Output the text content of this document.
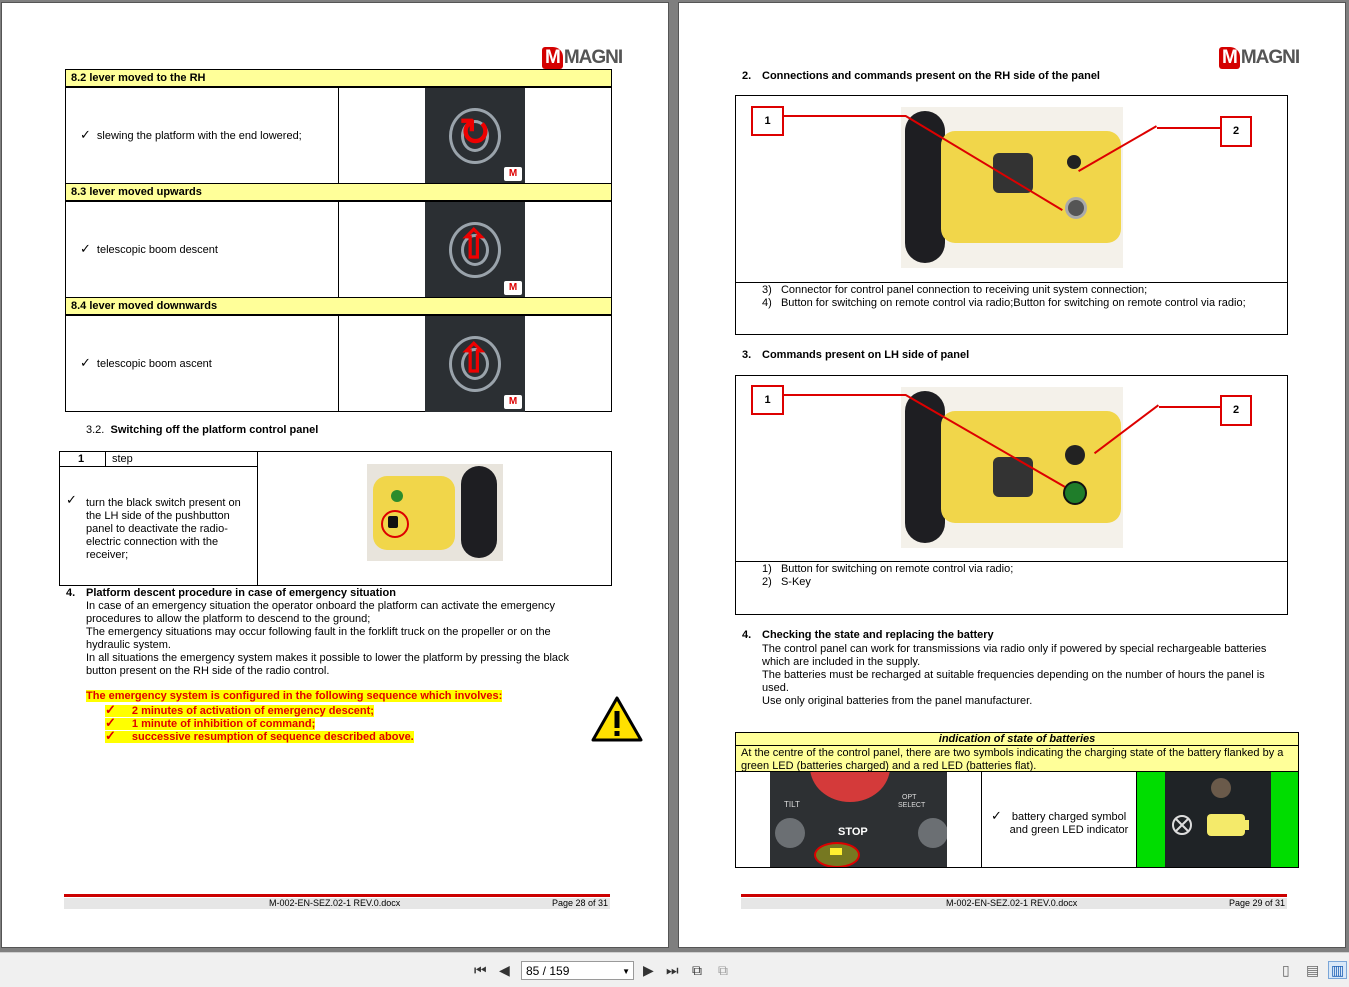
M MAGNI
8.2 lever moved to the RH
✓ slewing the platform with the end lowered;	↻
M
8.3 lever moved upwards
✓ telescopic boom descent	⇧
M
8.4 lever moved downwards
✓ telescopic boom ascent	⇧
M
3.2. Switching off the platform control panel
1	step
✓ turn the black switch present on the LH side of the pushbutton panel to deactivate the radio-electric connection with the receiver;
4. Platform descent procedure in case of emergency situation
In case of an emergency situation the operator onboard the platform can activate the emergency procedures to allow the platform to descend to the ground;
The emergency situations may occur following fault in the forklift truck on the propeller or on the hydraulic system.
In all situations the emergency system makes it possible to lower the platform by pressing the black button present on the RH side of the radio control.
The emergency system is configured in the following sequence which involves:
✓ 2 minutes of activation of emergency descent;
✓ 1 minute of inhibition of command;
✓ successive resumption of sequence described above.
M-002-EN-SEZ.02-1 REV.0.docx	Page 28 of 31
M MAGNI
2. Connections and commands present on the RH side of the panel
1
2
3) Connector for control panel connection to receiving unit system connection;
4) Button for switching on remote control via radio;Button for switching on remote control via radio;
3. Commands present on LH side of panel
1
2
1) Button for switching on remote control via radio;
2) S-Key
4. Checking the state and replacing the battery
The control panel can work for transmissions via radio only if powered by special rechargeable batteries which are included in the supply.
The batteries must be recharged at suitable frequencies depending on the number of hours the panel is used.
Use only original batteries from the panel manufacturer.
indication of state of batteries
At the centre of the control panel, there are two symbols indicating the charging state of the battery flanked by a green LED (batteries charged) and a red LED (batteries flat).
TILT
OPT
SELECT
STOP
✓ battery charged symbol and green LED indicator
M-002-EN-SEZ.02-1 REV.0.docx	Page 29 of 31
⏮ ◀	85 / 159	▼ ▶ ⏭ ⧉ ⧉	▯ ▤ ▥
